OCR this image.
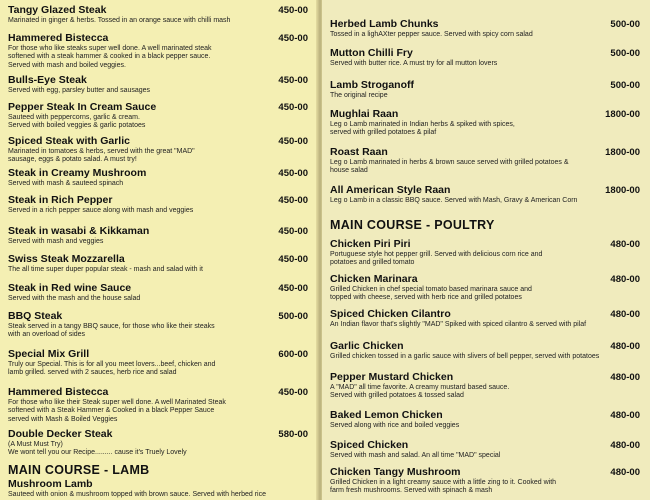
Tangy Glazed Steak	450-00
Marinated in ginger & herbs. Tossed in an orange sauce with chilli mash
Hammered Bistecca	450-00
For those who like steaks super well done. A well marinated steak
softened with a steak hammer & cooked in a black pepper sauce.
Served with mash and boiled veggies.
Bulls-Eye Steak	450-00
Served with egg, parsley butter and sausages
Pepper Steak In Cream Sauce	450-00
Sauteed with peppercorns, garlic & cream.
Served with boiled veggies & garlic potatoes
Spiced Steak with Garlic	450-00
Marinated in tomatoes & herbs, served with the great "MAD"
sausage, eggs & potato salad. A must try!
Steak in Creamy Mushroom	450-00
Served with mash & sauteed spinach
Steak in Rich Pepper	450-00
Served in a rich pepper sauce along with mash and veggies
Steak in wasabi & Kikkaman	450-00
Served with mash and veggies
Swiss Steak Mozzarella	450-00
The all time super duper popular steak - mash and salad with it
Steak in Red wine Sauce	450-00
Served with the mash and the house salad
BBQ Steak	500-00
Steak served in a tangy BBQ sauce, for those who like their steaks
with an overload of sides
Special Mix Grill	600-00
Truly our Special. This is for all you meet lovers...beef, chicken and
lamb grilled. served with 2 sauces, herb rice and salad
Hammered Bistecca	450-00
For those who like their Steak super well done. A well Marinated Steak
softened with a Steak Hammer & Cooked in a black Pepper Sauce
served with Mash & Boiled Veggies
Double Decker Steak	580-00
(A Must Must Try)
We wont tell you our Recipe......... cause it's Truely Lovely
MAIN COURSE - LAMB
Mushroom Lamb
Sauteed with onion & mushroom topped with brown sauce. Served with herbed rice
Herbed Lamb Chunks	500-00
Tossed in a lighAXter pepper sauce. Served with spicy corn salad
Mutton Chilli Fry	500-00
Served with butter rice. A must try for all mutton lovers
Lamb Stroganoff	500-00
The original recipe
Mughlai Raan	1800-00
Leg o Lamb marinated in Indian herbs & spiked with spices,
served with grilled potatoes & pilaf
Roast Raan	1800-00
Leg o Lamb marinated in herbs & brown sauce served with grilled potatoes &
house salad
All American Style Raan	1800-00
Leg o Lamb in a classic BBQ sauce. Served with Mash, Gravy & American Corn
MAIN COURSE - POULTRY
Chicken Piri Piri	480-00
Portuguese style hot pepper grill. Served with delicious corn rice and
potatoes and grilled tomato
Chicken Marinara	480-00
Grilled Chicken in chef special tomato based marinara sauce and
topped with cheese, served with herb rice and grilled potatoes
Spiced Chicken Cilantro	480-00
An Indian flavor that's slightly "MAD" Spiked with spiced cilantro & served with pilaf
Garlic Chicken	480-00
Grilled chicken tossed in a garlic sauce with slivers of bell pepper, served with potatoes
Pepper Mustard Chicken	480-00
A "MAD" all time favorite. A creamy mustard based sauce.
Served with grilled potatoes & tossed salad
Baked Lemon Chicken	480-00
Served along with rice and boiled veggies
Spiced Chicken	480-00
Served with mash and salad. An all time "MAD" special
Chicken Tangy Mushroom	480-00
Grilled Chicken in a light creamy sauce with a little zing to it. Cooked with
farm fresh mushrooms. Served with spinach & mash
